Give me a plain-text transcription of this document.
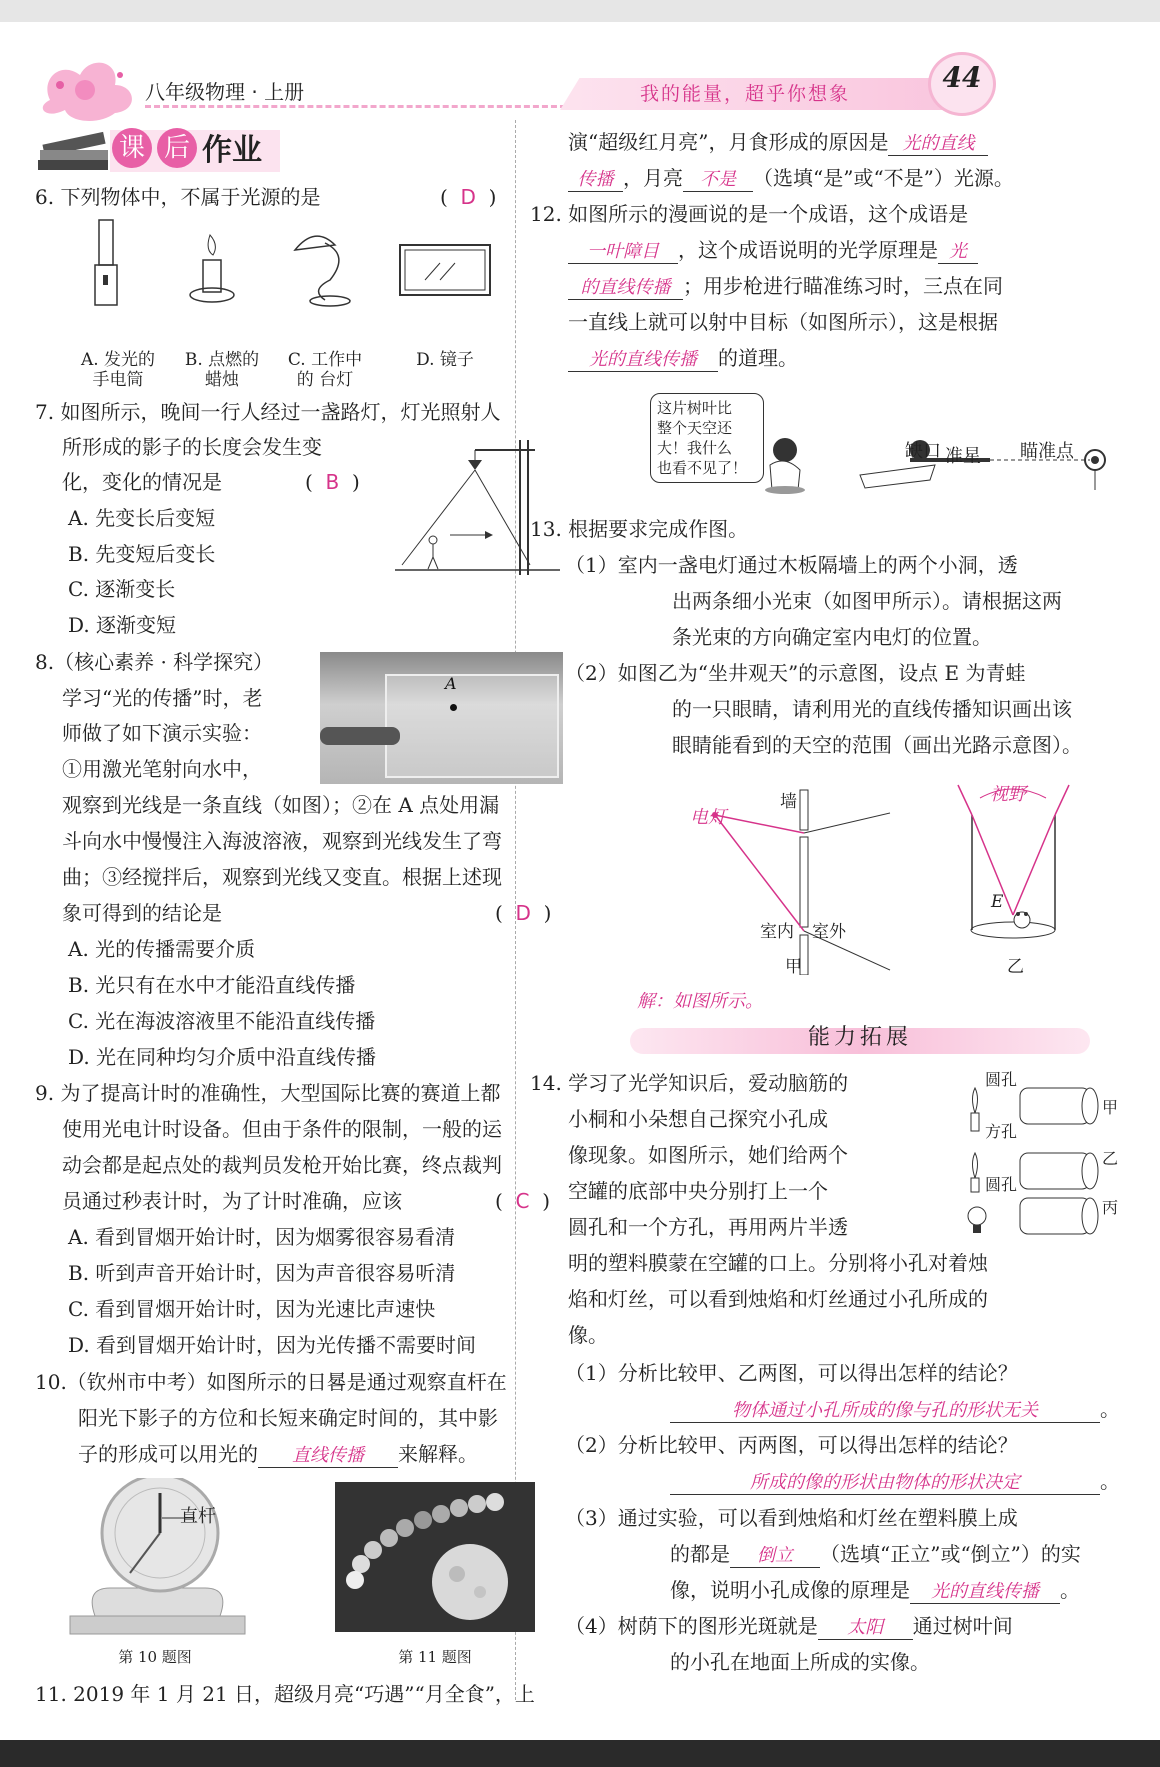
八年级物理 · 上册	我的能量，超乎你想象	44
课 后 作业
6. 下列物体中，不属于光源的是	(  D  )
A. 发光的
手电筒
B. 点燃的
蜡烛
C. 工作中
的 台灯
D. 镜子

7. 如图所示，晚间一行人经过一盏路灯，灯光照射人
所形成的影子的长度会发生变
化，变化的情况是	(  B  )
A. 先变长后变短
B. 先变短后变长
C. 逐渐变长
D. 逐渐变短
8.（核心素养 · 科学探究）
学习“光的传播”时，老
师做了如下演示实验：
①用激光笔射向水中，
观察到光线是一条直线（如图）；②在 A 点处用漏
斗向水中慢慢注入海波溶液，观察到光线发生了弯
曲；③经搅拌后，观察到光线又变直。根据上述现
象可得到的结论是	(  D  )
A
A. 光的传播需要介质
B. 光只有在水中才能沿直线传播
C. 光在海波溶液里不能沿直线传播
D. 光在同种均匀介质中沿直线传播
9. 为了提高计时的准确性，大型国际比赛的赛道上都
使用光电计时设备。但由于条件的限制，一般的运
动会都是起点处的裁判员发枪开始比赛，终点裁判
员通过秒表计时，为了计时准确，应该	(  C  )
A. 看到冒烟开始计时，因为烟雾很容易看清
B. 听到声音开始计时，因为声音很容易听清
C. 看到冒烟开始计时，因为光速比声速快
D. 看到冒烟开始计时，因为光传播不需要时间
10.（钦州市中考）如图所示的日晷是通过观察直杆在
阳光下影子的方位和长短来确定时间的，其中影
子的形成可以用光的 直线传播 来解释。
直杆
第 10 题图	第 11 题图
11. 2019 年 1 月 21 日，超级月亮“巧遇”“月全食”，上
演“超级红月亮”，月食形成的原因是 光的直线
传播 ，月亮 不是 （选填“是”或“不是”）光源。
12. 如图所示的漫画说的是一个成语，这个成语是
一叶障目 ，这个成语说明的光学原理是 光
的直线传播 ；用步枪进行瞄准练习时，三点在同
一直线上就可以射中目标（如图所示），这是根据
光的直线传播 的道理。
这片树叶比
整个天空还
大！我什么
也看不见了！
缺口 准星 瞄准点
13. 根据要求完成作图。
（1）室内一盏电灯通过木板隔墙上的两个小洞，透
出两条细小光束（如图甲所示）。请根据这两
条光束的方向确定室内电灯的位置。
（2）如图乙为“坐井观天”的示意图，设点 E 为青蛙
的一只眼睛，请利用光的直线传播知识画出该
眼睛能看到的天空的范围（画出光路示意图）。
电灯
墙
室内 室外
甲
视野
E
乙
解：如图所示。
能力拓展
14. 学习了光学知识后，爱动脑筋的
小桐和小朵想自己探究小孔成
像现象。如图所示，她们给两个
空罐的底部中央分别打上一个
圆孔和一个方孔，再用两片半透
明的塑料膜蒙在空罐的口上。分别将小孔对着烛
焰和灯丝，可以看到烛焰和灯丝通过小孔所成的
像。
圆孔
甲
方孔
乙
圆孔
丙
（1）分析比较甲、乙两图，可以得出怎样的结论？
物体通过小孔所成的像与孔的形状无关	。
（2）分析比较甲、丙两图，可以得出怎样的结论？
所成的像的形状由物体的形状决定	。
（3）通过实验，可以看到烛焰和灯丝在塑料膜上成
的都是 倒立 （选填“正立”或“倒立”）的实
像，说明小孔成像的原理是 光的直线传播 。
（4）树荫下的图形光斑就是 太阳 通过树叶间
的小孔在地面上所成的实像。
